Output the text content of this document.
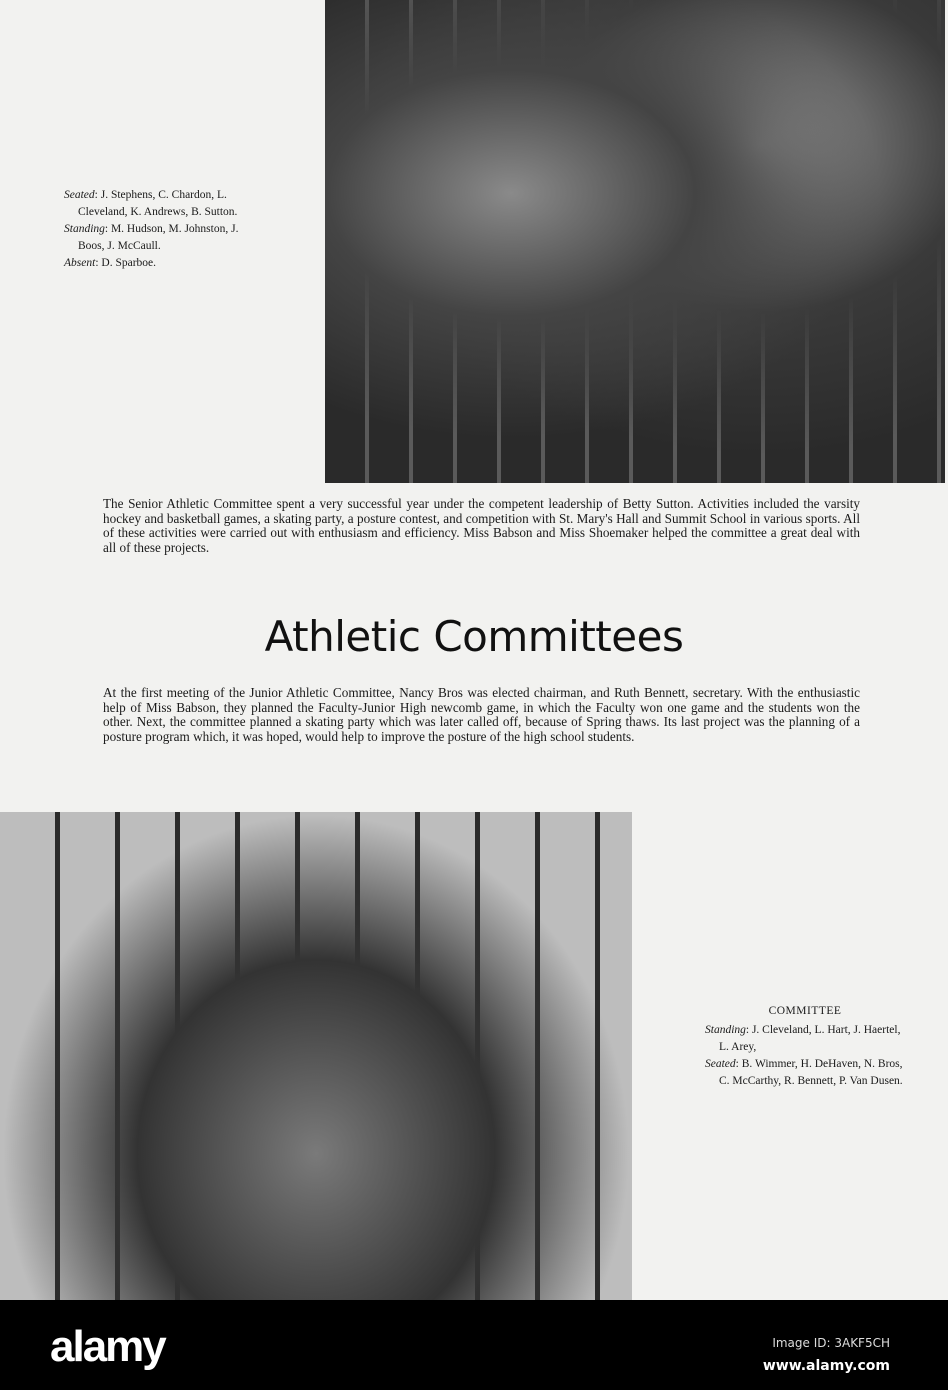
Seated: J. Stephens, C. Chardon, L. Cleveland, K. Andrews, B. Sutton.

Standing: M. Hudson, M. Johnston, J. Boos, J. McCaull.

Absent: D. Sparboe.

The Senior Athletic Committee spent a very successful year under the competent leadership of Betty Sutton. Activities included the varsity hockey and basketball games, a skating party, a posture contest, and competition with St. Mary's Hall and Summit School in various sports. All of these activities were carried out with enthusiasm and efficiency. Miss Babson and Miss Shoemaker helped the committee a great deal with all of these projects.
Athletic Committees
At the first meeting of the Junior Athletic Committee, Nancy Bros was elected chairman, and Ruth Bennett, secretary. With the enthusiastic help of Miss Babson, they planned the Faculty-Junior High newcomb game, in which the Faculty won one game and the students won the other. Next, the committee planned a skating party which was later called off, because of Spring thaws. Its last project was the planning of a posture program which, it was hoped, would help to improve the posture of the high school students.

COMMITTEE

Standing: J. Cleveland, L. Hart, J. Haertel, L. Arey,

Seated: B. Wimmer, H. DeHaven, N. Bros, C. McCarthy, R. Bennett, P. Van Dusen.

alamy	Image ID: 3AKF5CH
www.alamy.com
